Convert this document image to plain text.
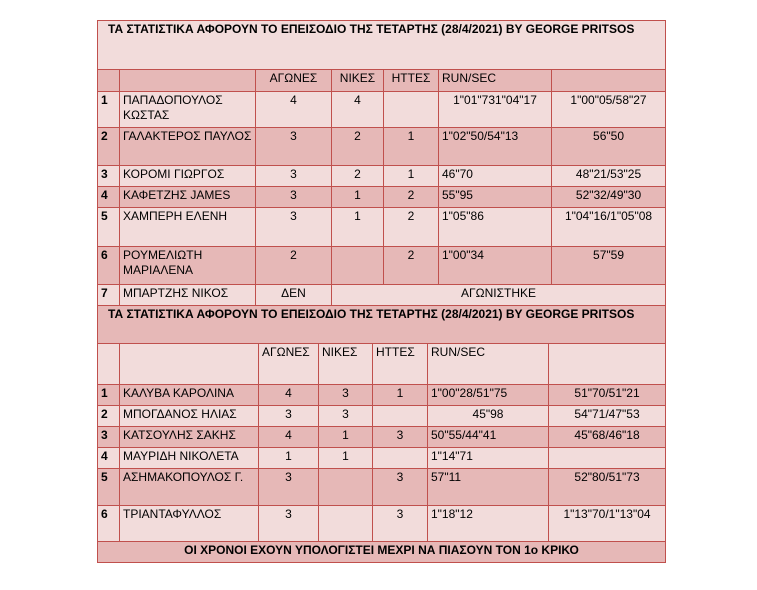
ΤΑ ΣΤΑΤΙΣΤΙΚΑ ΑΦΟΡΟΥΝ ΤΟ ΕΠΕΙΣΟΔΙΟ ΤΗΣ ΤΕΤΑΡΤΗΣ (28/4/2021) BY GEORGE PRITSOS						
		ΑΓΩΝΕΣ	ΝΙΚΕΣ	ΗΤΤΕΣ	RUN/SEC	
1	ΠΑΠΑΔΟΠΟΥΛΟΣ ΚΩΣΤΑΣ	4	4		1"01"731"04"17	1"00"05/58"27
2	ΓΑΛΑΚΤΕΡΟΣ ΠΑΥΛΟΣ	3	2	1	1"02"50/54"13	56"50
3	ΚΟΡΟΜΙ ΓΙΩΡΓΟΣ	3	2	1	46"70	48"21/53"25
4	ΚΑΦΕΤΖΗΣ JAMES	3	1	2	55"95	52"32/49"30
5	ΧΑΜΠΕΡΗ ΕΛΕΝΗ	3	1	2	1"05"86	1"04"16/1"05"08
6	ΡΟΥΜΕΛΙΩΤΗ ΜΑΡΙΑΛΕΝΑ	2		2	1"00"34	57"59
7	ΜΠΑΡΤΖΗΣ ΝΙΚΟΣ	ΔΕΝ	ΑΓΩΝΙΣΤΗΚΕ			
ΤΑ ΣΤΑΤΙΣΤΙΚΑ ΑΦΟΡΟΥΝ ΤΟ ΕΠΕΙΣΟΔΙΟ ΤΗΣ ΤΕΤΑΡΤΗΣ (28/4/2021) BY GEORGE PRITSOS						
		ΑΓΩΝΕΣ	ΝΙΚΕΣ	ΗΤΤΕΣ	RUN/SEC	
1	ΚΑΛΥΒΑ ΚΑΡΟΛΙΝΑ	4	3	1	1"00"28/51"75	51"70/51"21
2	ΜΠΟΓΔΑΝΟΣ ΗΛΙΑΣ	3	3		45"98	54"71/47"53
3	ΚΑΤΣΟΥΛΗΣ ΣΑΚΗΣ	4	1	3	50"55/44"41	45"68/46"18
4	ΜΑΥΡΙΔΗ ΝΙΚΟΛΕΤΑ	1	1		1"14"71	
5	ΑΣΗΜΑΚΟΠΟΥΛΟΣ Γ.	3		3	57"11	52"80/51"73
6	ΤΡΙΑΝΤΑΦΥΛΛΟΣ	3		3	1"18"12	1"13"70/1"13"04
ΟΙ ΧΡΟΝΟΙ ΕΧΟΥΝ ΥΠΟΛΟΓΙΣΤΕΙ ΜΕΧΡΙ ΝΑ ΠΙΑΣΟΥΝ ΤΟΝ 1ο ΚΡΙΚΟ						
